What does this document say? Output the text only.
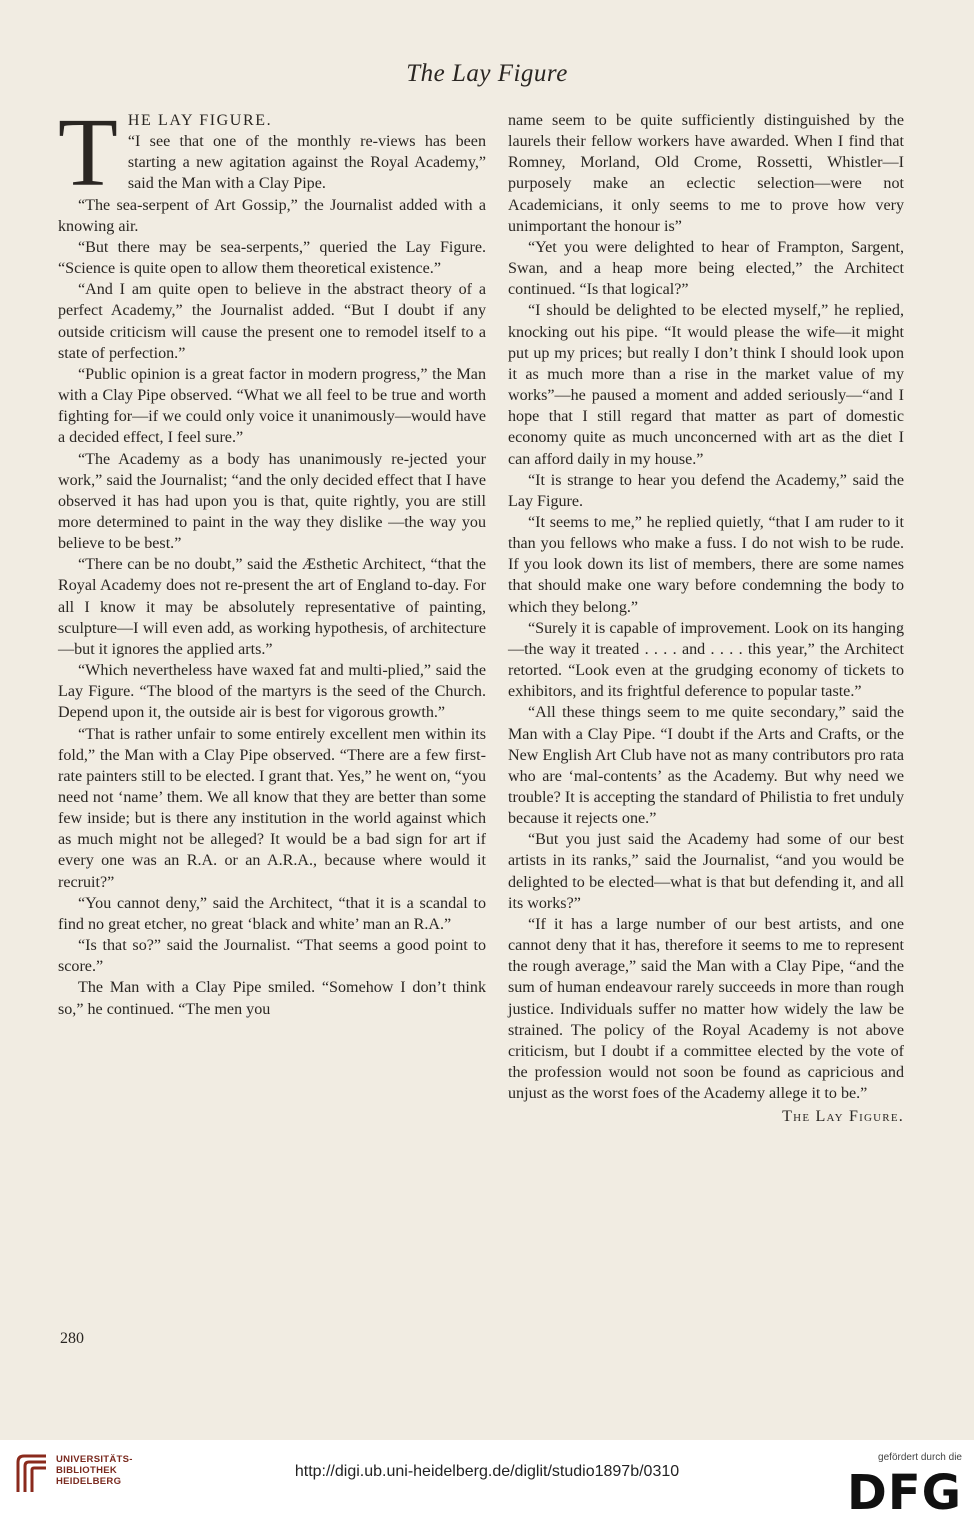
The Lay Figure

T HE LAY FIGURE.
“I see that one of the monthly re-views has been starting a new agitation against the Royal Academy,” said the Man with a Clay Pipe.

“The sea-serpent of Art Gossip,” the Journalist added with a knowing air.

“But there may be sea-serpents,” queried the Lay Figure. “Science is quite open to allow them theoretical existence.”

“And I am quite open to believe in the abstract theory of a perfect Academy,” the Journalist added. “But I doubt if any outside criticism will cause the present one to remodel itself to a state of perfection.”

“Public opinion is a great factor in modern progress,” the Man with a Clay Pipe observed. “What we all feel to be true and worth fighting for—if we could only voice it unanimously—would have a decided effect, I feel sure.”

“The Academy as a body has unanimously re-jected your work,” said the Journalist; “and the only decided effect that I have observed it has had upon you is that, quite rightly, you are still more determined to paint in the way they dislike —the way you believe to be best.”

“There can be no doubt,” said the Æsthetic Architect, “that the Royal Academy does not re-present the art of England to-day. For all I know it may be absolutely representative of painting, sculpture—I will even add, as working hypothesis, of architecture—but it ignores the applied arts.”

“Which nevertheless have waxed fat and multi-plied,” said the Lay Figure. “The blood of the martyrs is the seed of the Church. Depend upon it, the outside air is best for vigorous growth.”

“That is rather unfair to some entirely excellent men within its fold,” the Man with a Clay Pipe observed. “There are a few first-rate painters still to be elected. I grant that. Yes,” he went on, “you need not ‘name’ them. We all know that they are better than some few inside; but is there any institution in the world against which as much might not be alleged? It would be a bad sign for art if every one was an R.A. or an A.R.A., because where would it recruit?”

“You cannot deny,” said the Architect, “that it is a scandal to find no great etcher, no great ‘black and white’ man an R.A.”

“Is that so?” said the Journalist. “That seems a good point to score.”

The Man with a Clay Pipe smiled. “Somehow I don’t think so,” he continued. “The men you

name seem to be quite sufficiently distinguished by the laurels their fellow workers have awarded. When I find that Romney, Morland, Old Crome, Rossetti, Whistler—I purposely make an eclectic selection—were not Academicians, it only seems to me to prove how very unimportant the honour is”

“Yet you were delighted to hear of Frampton, Sargent, Swan, and a heap more being elected,” the Architect continued. “Is that logical?”

“I should be delighted to be elected myself,” he replied, knocking out his pipe. “It would please the wife—it might put up my prices; but really I don’t think I should look upon it as much more than a rise in the market value of my works”—he paused a moment and added seriously—“and I hope that I still regard that matter as part of domestic economy quite as much unconcerned with art as the diet I can afford daily in my house.”

“It is strange to hear you defend the Academy,” said the Lay Figure.

“It seems to me,” he replied quietly, “that I am ruder to it than you fellows who make a fuss. I do not wish to be rude. If you look down its list of members, there are some names that should make one wary before condemning the body to which they belong.”

“Surely it is capable of improvement. Look on its hanging—the way it treated . . . . and . . . . this year,” the Architect retorted. “Look even at the grudging economy of tickets to exhibitors, and its frightful deference to popular taste.”

“All these things seem to me quite secondary,” said the Man with a Clay Pipe. “I doubt if the Arts and Crafts, or the New English Art Club have not as many contributors pro rata who are ‘mal-contents’ as the Academy. But why need we trouble? It is accepting the standard of Philistia to fret unduly because it rejects one.”

“But you just said the Academy had some of our best artists in its ranks,” said the Journalist, “and you would be delighted to be elected—what is that but defending it, and all its works?”

“If it has a large number of our best artists, and one cannot deny that it has, therefore it seems to me to represent the rough average,” said the Man with a Clay Pipe, “and the sum of human endeavour rarely succeeds in more than rough justice. Individuals suffer no matter how widely the law be strained. The policy of the Royal Academy is not above criticism, but I doubt if a committee elected by the vote of the profession would not soon be found as capricious and unjust as the worst foes of the Academy allege it to be.”

The Lay Figure.
280
UNIVERSITÄTS-
BIBLIOTHEK
HEIDELBERG
http://digi.ub.uni-heidelberg.de/diglit/studio1897b/0310
gefördert durch die
DFG
